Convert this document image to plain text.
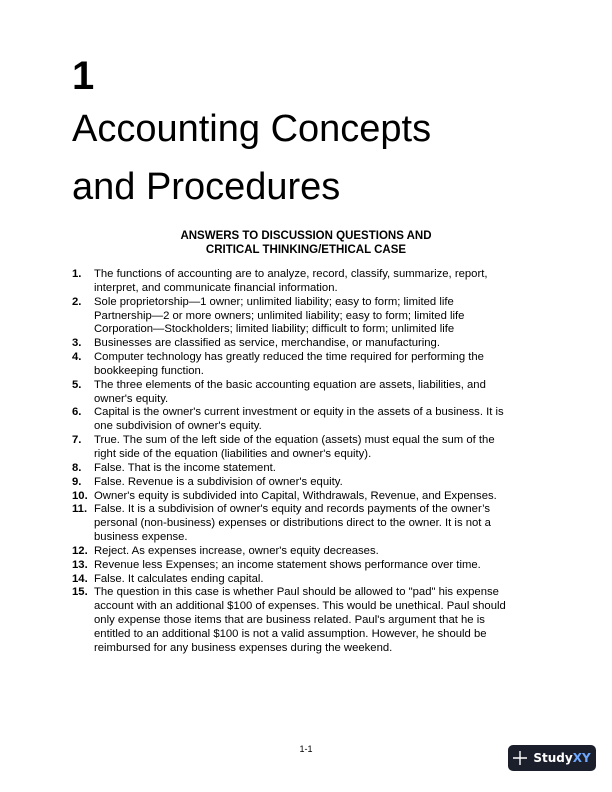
1
Accounting Concepts
and Procedures
ANSWERS TO DISCUSSION QUESTIONS AND
CRITICAL THINKING/ETHICAL CASE
1. The functions of accounting are to analyze, record, classify, summarize, report,
interpret, and communicate financial information.
2. Sole proprietorship—1 owner; unlimited liability; easy to form; limited life
Partnership—2 or more owners; unlimited liability; easy to form; limited life
Corporation—Stockholders; limited liability; difficult to form; unlimited life
3. Businesses are classified as service, merchandise, or manufacturing.
4. Computer technology has greatly reduced the time required for performing the
bookkeeping function.
5. The three elements of the basic accounting equation are assets, liabilities, and
owner's equity.
6. Capital is the owner's current investment or equity in the assets of a business. It is
one subdivision of owner's equity.
7. True. The sum of the left side of the equation (assets) must equal the sum of the
right side of the equation (liabilities and owner's equity).
8. False. That is the income statement.
9. False. Revenue is a subdivision of owner's equity.
10. Owner's equity is subdivided into Capital, Withdrawals, Revenue, and Expenses.
11. False. It is a subdivision of owner's equity and records payments of the owner’s
personal (non-business) expenses or distributions direct to the owner. It is not a
business expense.
12. Reject. As expenses increase, owner's equity decreases.
13. Revenue less Expenses; an income statement shows performance over time.
14. False. It calculates ending capital.
15. The question in this case is whether Paul should be allowed to "pad" his expense
account with an additional $100 of expenses. This would be unethical. Paul should
only expense those items that are business related. Paul's argument that he is
entitled to an additional $100 is not a valid assumption. However, he should be
reimbursed for any business expenses during the weekend.
1-1
StudyXY
